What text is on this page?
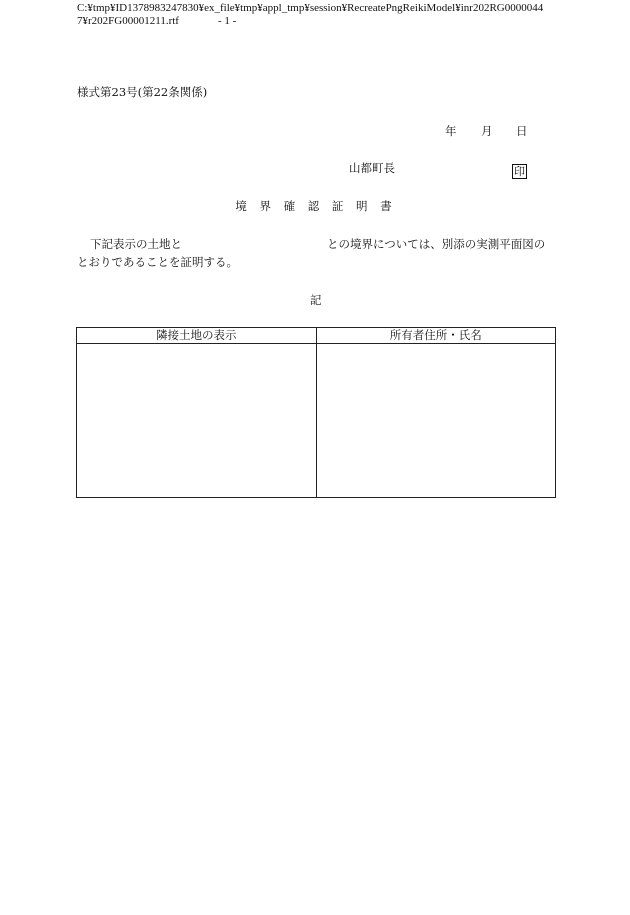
C:¥tmp¥ID1378983247830¥ex_file¥tmp¥appl_tmp¥session¥RecreatePngReikiModel¥inr202RG0000044
7¥r202FG00001211.rtf	- 1 -
様式第23号(第22条関係)
年 月 日
山都町長	印
境 界 確 認 証 明 書
下記表示の土地と	との境界については、別添の実測平面図の
とおりであることを証明する。
記
隣接土地の表示	所有者住所・氏名
